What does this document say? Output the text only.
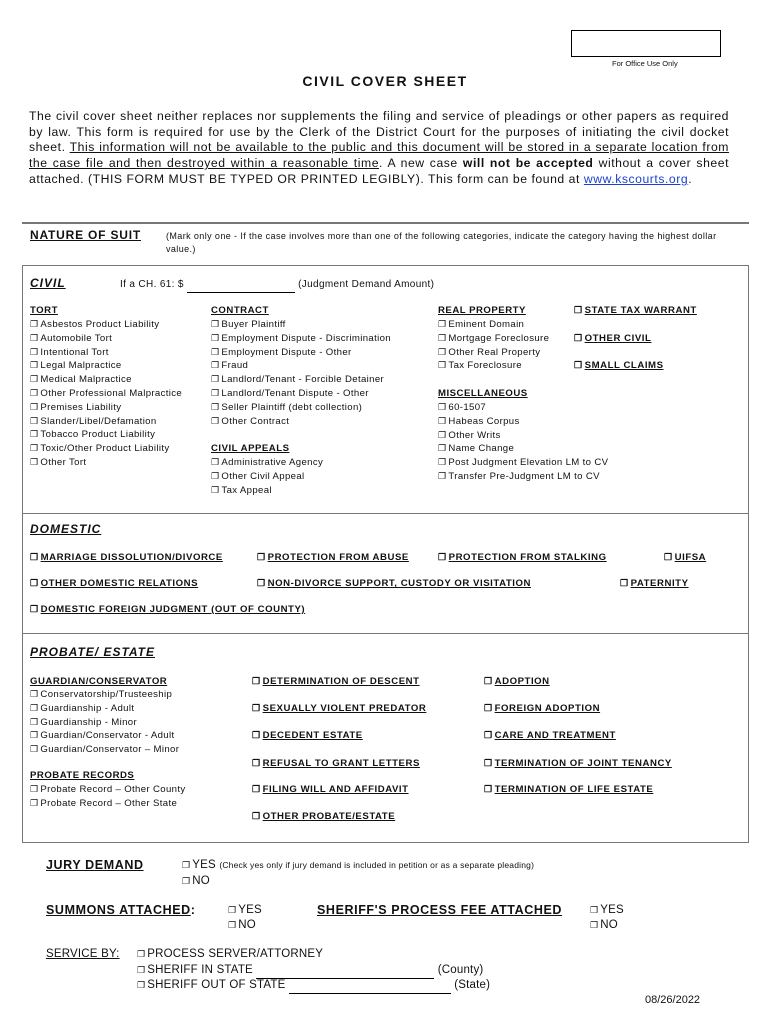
For Office Use Only
CIVIL COVER SHEET
The civil cover sheet neither replaces nor supplements the filing and service of pleadings or other papers as required by law. This form is required for use by the Clerk of the District Court for the purposes of initiating the civil docket sheet. This information will not be available to the public and this document will be stored in a separate location from the case file and then destroyed within a reasonable time. A new case will not be accepted without a cover sheet attached. (THIS FORM MUST BE TYPED OR PRINTED LEGIBLY). This form can be found at www.kscourts.org.
NATURE OF SUIT	(Mark only one - If the case involves more than one of the following categories, indicate the category having the highest dollar value.)
CIVIL	If a CH. 61: $	(Judgment Demand Amount)
TORT
❐ Asbestos Product Liability
❐ Automobile Tort
❐ Intentional Tort
❐ Legal Malpractice
❐ Medical Malpractice
❐ Other Professional Malpractice
❐ Premises Liability
❐ Slander/Libel/Defamation
❐ Tobacco Product Liability
❐ Toxic/Other Product Liability
❐ Other Tort
CONTRACT
❐ Buyer Plaintiff
❐ Employment Dispute - Discrimination
❐ Employment Dispute - Other
❐ Fraud
❐ Landlord/Tenant - Forcible Detainer
❐ Landlord/Tenant Dispute - Other
❐ Seller Plaintiff (debt collection)
❐ Other Contract
CIVIL APPEALS
❐ Administrative Agency
❐ Other Civil Appeal
❐ Tax Appeal
REAL PROPERTY
❐ Eminent Domain
❐ Mortgage Foreclosure
❐ Other Real Property
❐ Tax Foreclosure
MISCELLANEOUS
❐ 60-1507
❐ Habeas Corpus
❐ Other Writs
❐ Name Change
❐ Post Judgment Elevation LM to CV
❐ Transfer Pre-Judgment LM to CV
❐ STATE TAX WARRANT
❐ OTHER CIVIL
❐ SMALL CLAIMS
DOMESTIC
❐ MARRIAGE DISSOLUTION/DIVORCE	❐ PROTECTION FROM ABUSE	❐ PROTECTION FROM STALKING	❐ UIFSA
❐ OTHER DOMESTIC RELATIONS	❐ NON-DIVORCE SUPPORT, CUSTODY OR VISITATION	❐ PATERNITY
❐ DOMESTIC FOREIGN JUDGMENT (OUT OF COUNTY)
PROBATE/ ESTATE
GUARDIAN/CONSERVATOR
❐ Conservatorship/Trusteeship
❐ Guardianship - Adult
❐ Guardianship - Minor
❐ Guardian/Conservator - Adult
❐ Guardian/Conservator – Minor
PROBATE RECORDS
❐ Probate Record – Other County
❐ Probate Record – Other State
❐ DETERMINATION OF DESCENT
❐ SEXUALLY VIOLENT PREDATOR
❐ DECEDENT ESTATE
❐ REFUSAL TO GRANT LETTERS
❐ FILING WILL AND AFFIDAVIT
❐ OTHER PROBATE/ESTATE
❐ ADOPTION
❐ FOREIGN ADOPTION
❐ CARE AND TREATMENT
❐ TERMINATION OF JOINT TENANCY
❐ TERMINATION OF LIFE ESTATE
JURY DEMAND	❐ YES (Check yes only if jury demand is included in petition or as a separate pleading)
❐ NO
SUMMONS ATTACHED:	❐ YES
❐ NO
SHERIFF'S PROCESS FEE ATTACHED	❐ YES
❐ NO
SERVICE BY: ❐ PROCESS SERVER/ATTORNEY
❐ SHERIFF IN STATE	(County)
❐ SHERIFF OUT OF STATE	(State)
08/26/2022
